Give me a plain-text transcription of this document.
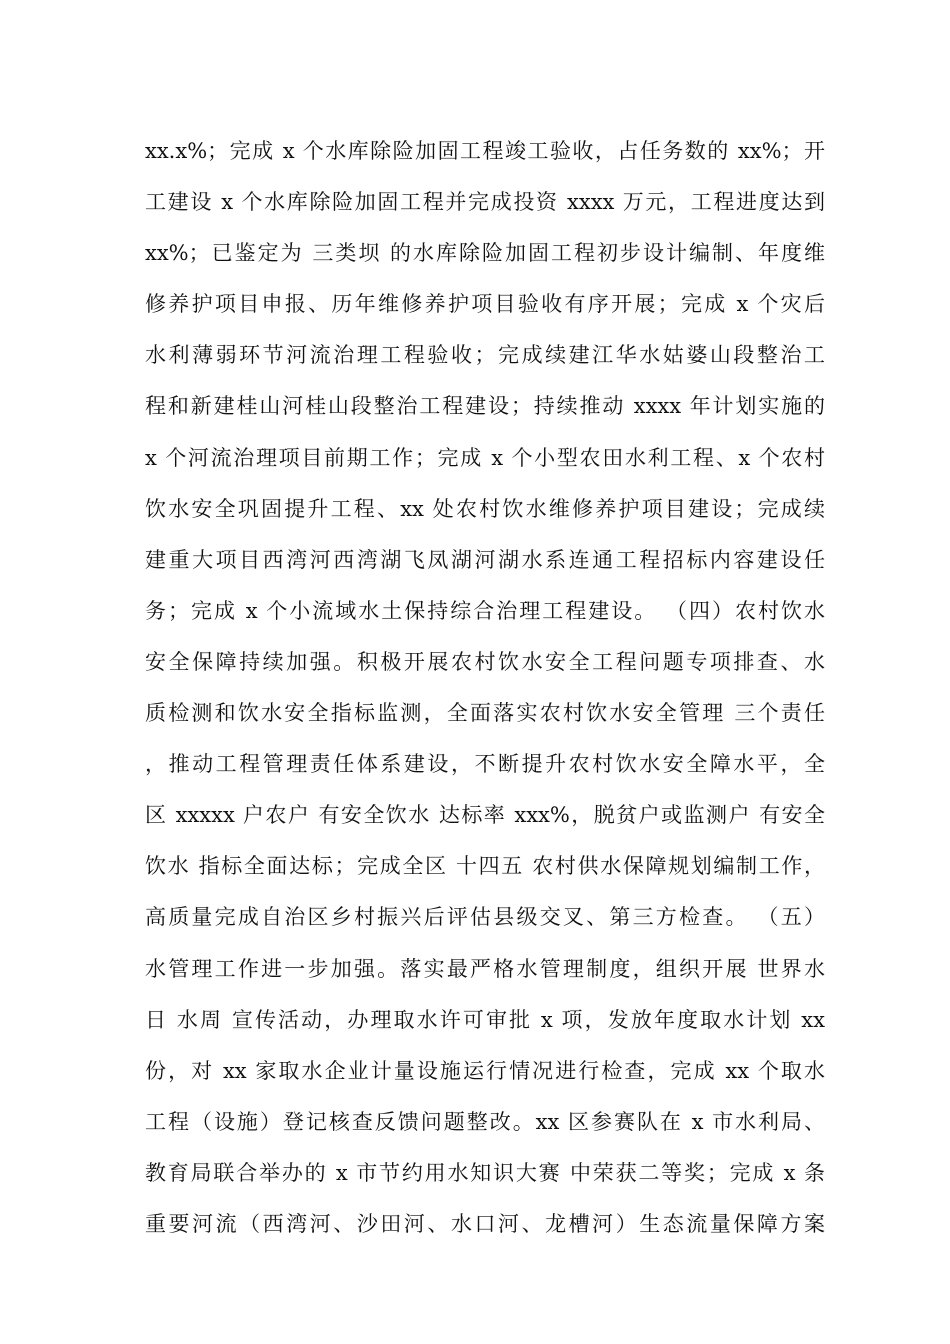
xx.x%；完成 x 个水库除险加固工程竣工验收，占任务数的 xx%；开
工建设 x 个水库除险加固工程并完成投资 xxxx 万元，工程进度达到
xx%；已鉴定为 三类坝 的水库除险加固工程初步设计编制、年度维
修养护项目申报、历年维修养护项目验收有序开展；完成 x 个灾后
水利薄弱环节河流治理工程验收；完成续建江华水姑婆山段整治工
程和新建桂山河桂山段整治工程建设；持续推动 xxxx 年计划实施的
x 个河流治理项目前期工作；完成 x 个小型农田水利工程、x 个农村
饮水安全巩固提升工程、xx 处农村饮水维修养护项目建设；完成续
建重大项目西湾河西湾湖飞凤湖河湖水系连通工程招标内容建设任
务；完成 x 个小流域水土保持综合治理工程建设。 （四）农村饮水
安全保障持续加强。积极开展农村饮水安全工程问题专项排查、水
质检测和饮水安全指标监测，全面落实农村饮水安全管理 三个责任
，推动工程管理责任体系建设，不断提升农村饮水安全障水平，全
区 xxxxx 户农户 有安全饮水 达标率 xxx%，脱贫户或监测户 有安全
饮水 指标全面达标；完成全区 十四五 农村供水保障规划编制工作，
高质量完成自治区乡村振兴后评估县级交叉、第三方检查。 （五）
水管理工作进一步加强。落实最严格水管理制度，组织开展 世界水
日 水周 宣传活动，办理取水许可审批 x 项，发放年度取水计划 xx
份，对 xx 家取水企业计量设施运行情况进行检查，完成 xx 个取水
工程（设施）登记核查反馈问题整改。xx 区参赛队在 x 市水利局、
教育局联合举办的 x 市节约用水知识大赛 中荣获二等奖；完成 x 条
重要河流（西湾河、沙田河、水口河、龙槽河）生态流量保障方案
